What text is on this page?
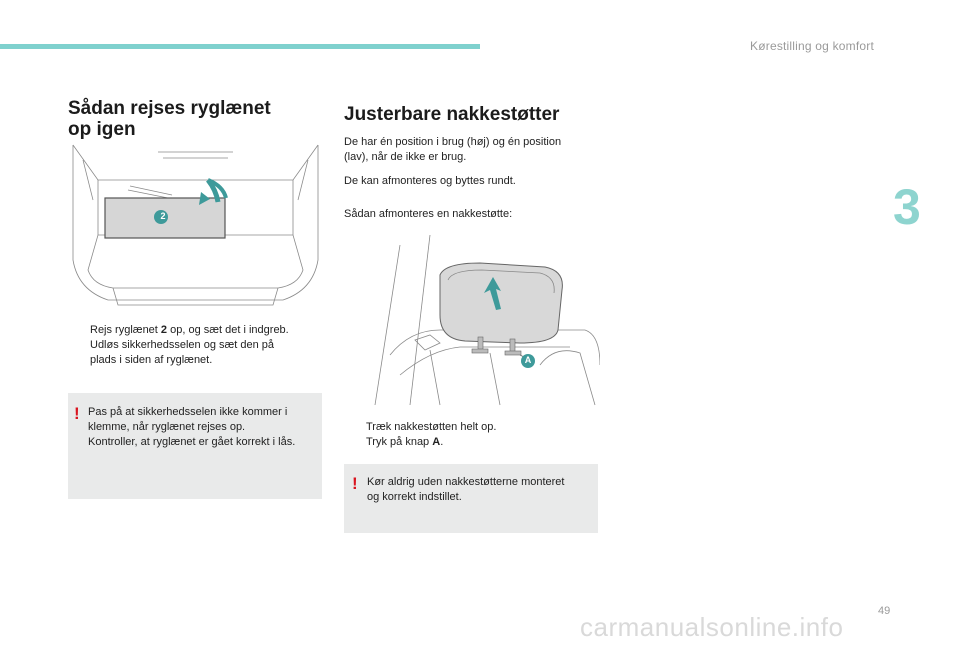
Kørestilling og komfort
3
Sådan rejses ryglænet
op igen
2
Rejs ryglænet 2 op, og sæt det i indgreb.
Udløs sikkerhedsselen og sæt den på
plads i siden af ryglænet.
! Pas på at sikkerhedsselen ikke kommer i
klemme, når ryglænet rejses op.
Kontroller, at ryglænet er gået korrekt i lås.
Justerbare nakkestøtter
De har én position i brug (høj) og én position
(lav), når de ikke er brug.
De kan afmonteres og byttes rundt.
Sådan afmonteres en nakkestøtte:
A
Træk nakkestøtten helt op.
Tryk på knap A.
! Kør aldrig uden nakkestøtterne monteret
og korrekt indstillet.
49
carmanualsonline.info
